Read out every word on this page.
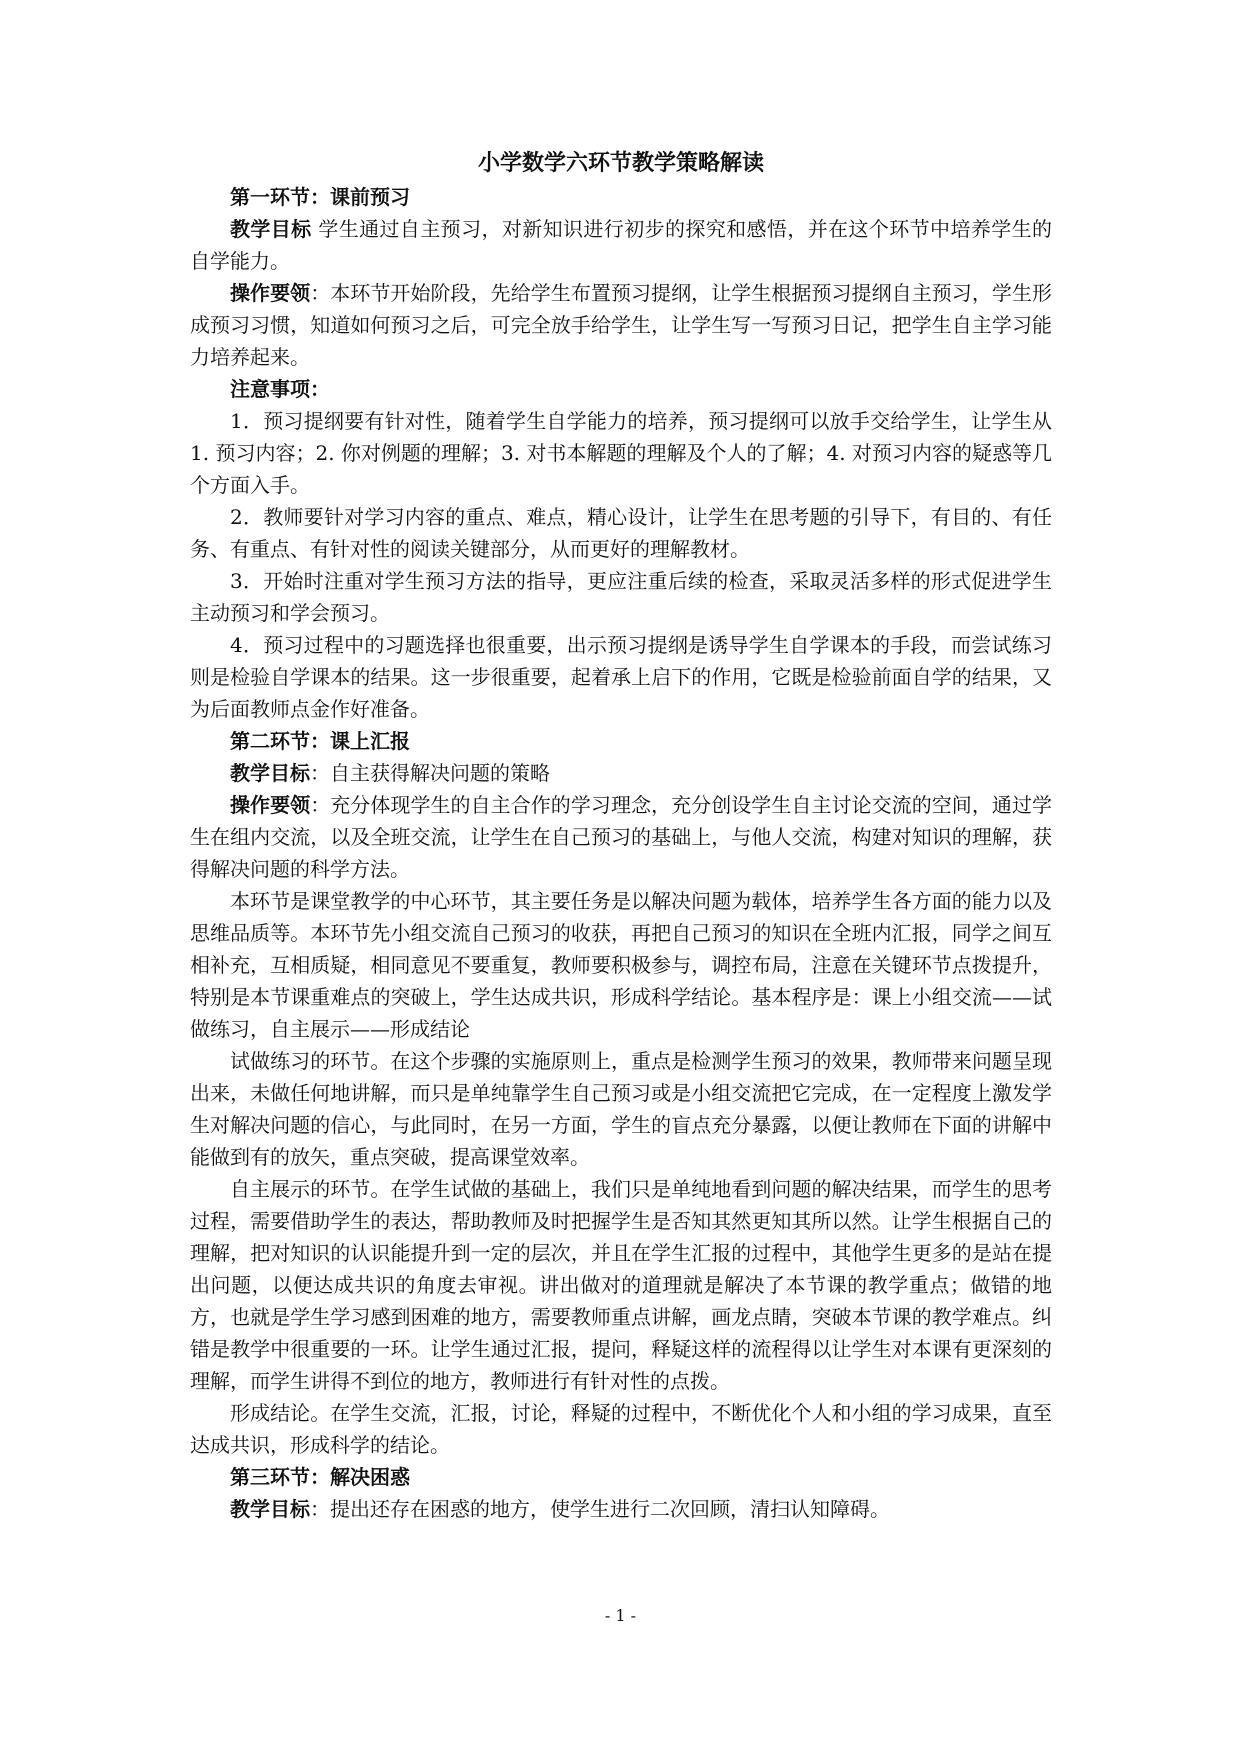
小学数学六环节教学策略解读

第一环节：课前预习

教学目标 学生通过自主预习，对新知识进行初步的探究和感悟，并在这个环节中培养学生的自学能力。

操作要领：本环节开始阶段，先给学生布置预习提纲，让学生根据预习提纲自主预习，学生形成预习习惯，知道如何预习之后，可完全放手给学生，让学生写一写预习日记，把学生自主学习能力培养起来。

注意事项：

1．预习提纲要有针对性，随着学生自学能力的培养，预习提纲可以放手交给学生，让学生从 1. 预习内容；2. 你对例题的理解；3. 对书本解题的理解及个人的了解；4. 对预习内容的疑惑等几个方面入手。

2．教师要针对学习内容的重点、难点，精心设计，让学生在思考题的引导下，有目的、有任务、有重点、有针对性的阅读关键部分，从而更好的理解教材。

3．开始时注重对学生预习方法的指导，更应注重后续的检查，采取灵活多样的形式促进学生主动预习和学会预习。

4．预习过程中的习题选择也很重要，出示预习提纲是诱导学生自学课本的手段，而尝试练习则是检验自学课本的结果。这一步很重要，起着承上启下的作用，它既是检验前面自学的结果，又为后面教师点金作好准备。

第二环节：课上汇报

教学目标：自主获得解决问题的策略

操作要领：充分体现学生的自主合作的学习理念，充分创设学生自主讨论交流的空间，通过学生在组内交流，以及全班交流，让学生在自己预习的基础上，与他人交流，构建对知识的理解，获得解决问题的科学方法。

本环节是课堂教学的中心环节，其主要任务是以解决问题为载体，培养学生各方面的能力以及思维品质等。本环节先小组交流自己预习的收获，再把自己预习的知识在全班内汇报，同学之间互相补充，互相质疑，相同意见不要重复，教师要积极参与，调控布局，注意在关键环节点拨提升，特别是本节课重难点的突破上，学生达成共识，形成科学结论。基本程序是：课上小组交流——试做练习，自主展示——形成结论

试做练习的环节。在这个步骤的实施原则上，重点是检测学生预习的效果，教师带来问题呈现出来，未做任何地讲解，而只是单纯靠学生自己预习或是小组交流把它完成，在一定程度上激发学生对解决问题的信心，与此同时，在另一方面，学生的盲点充分暴露，以便让教师在下面的讲解中能做到有的放矢，重点突破，提高课堂效率。

自主展示的环节。在学生试做的基础上，我们只是单纯地看到问题的解决结果，而学生的思考过程，需要借助学生的表达，帮助教师及时把握学生是否知其然更知其所以然。让学生根据自己的理解，把对知识的认识能提升到一定的层次，并且在学生汇报的过程中，其他学生更多的是站在提出问题，以便达成共识的角度去审视。讲出做对的道理就是解决了本节课的教学重点；做错的地方，也就是学生学习感到困难的地方，需要教师重点讲解，画龙点睛，突破本节课的教学难点。纠错是教学中很重要的一环。让学生通过汇报，提问，释疑这样的流程得以让学生对本课有更深刻的理解，而学生讲得不到位的地方，教师进行有针对性的点拨。

形成结论。在学生交流，汇报，讨论，释疑的过程中，不断优化个人和小组的学习成果，直至达成共识，形成科学的结论。

第三环节：解决困惑

教学目标：提出还存在困惑的地方，使学生进行二次回顾，清扫认知障碍。

- 1 -
